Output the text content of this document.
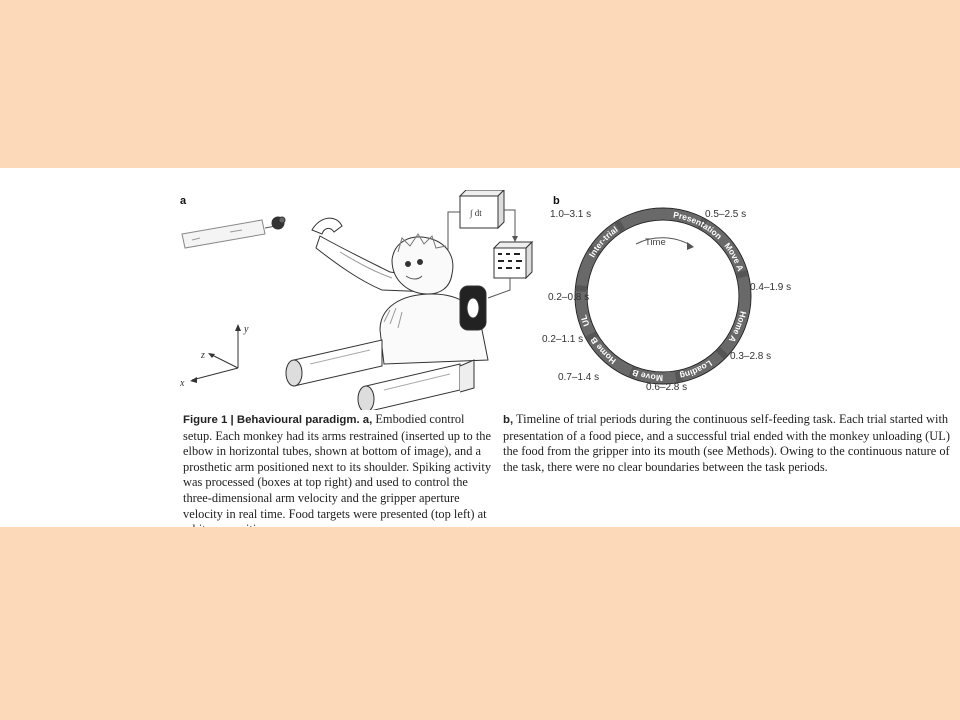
a	b
∫ dt
y
z
x
Time
Presentation
Move A
Home A
Loading
Move B
Home B
UL
Inter-trial
0.5–2.5 s
0.4–1.9 s
0.3–2.8 s
0.6–2.8 s
0.7–1.4 s
0.2–1.1 s
0.2–0.8 s
1.0–3.1 s

Figure 1 | Behavioural paradigm. a, Embodied control setup. Each monkey had its arms restrained (inserted up to the elbow in horizontal tubes, shown at bottom of image), and a prosthetic arm positioned next to its shoulder. Spiking activity was processed (boxes at top right) and used to control the three-dimensional arm velocity and the gripper aperture velocity in real time. Food targets were presented (top left) at

b, Timeline of trial periods during the continuous self-feeding task. Each trial started with presentation of a food piece, and a successful trial ended with the monkey unloading (UL) the food from the gripper into its mouth (see Methods). Owing to the continuous nature of the task, there were no clear boundaries between the task periods.
